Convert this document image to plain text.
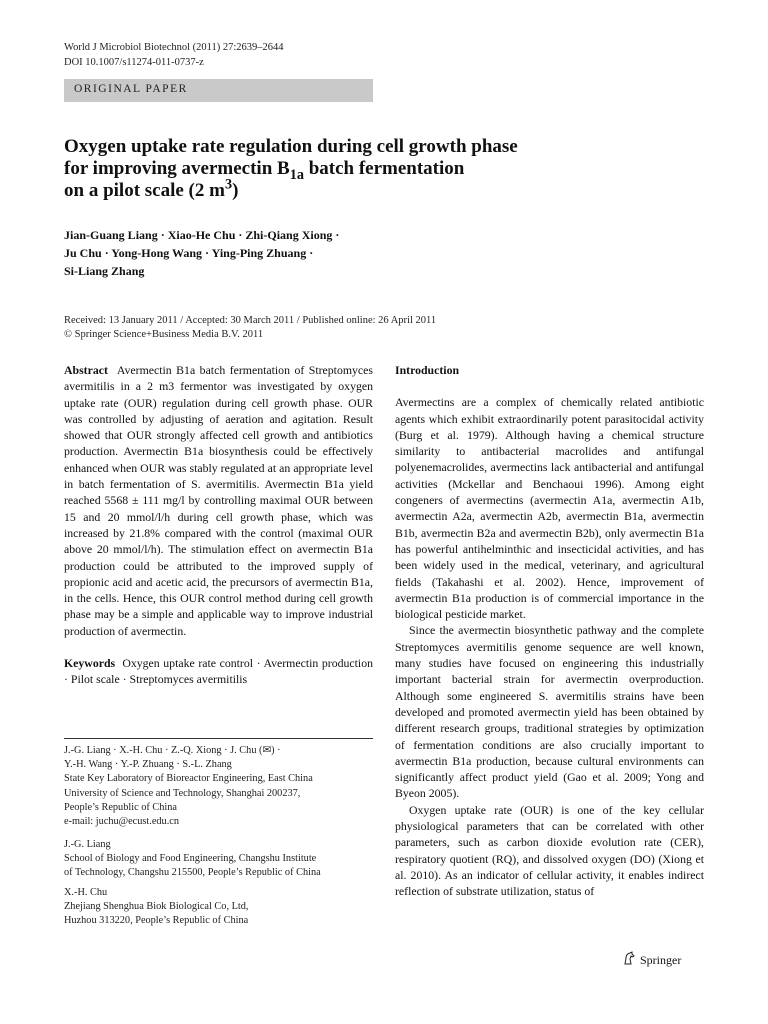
World J Microbiol Biotechnol (2011) 27:2639–2644
DOI 10.1007/s11274-011-0737-z
ORIGINAL PAPER
Oxygen uptake rate regulation during cell growth phase
for improving avermectin $B_{1a}$ batch fermentation
on a pilot scale (2 $m^3$)
Jian-Guang Liang · Xiao-He Chu · Zhi-Qiang Xiong ·
Ju Chu · Yong-Hong Wang · Ying-Ping Zhuang ·
Si-Liang Zhang
Received: 13 January 2011 / Accepted: 30 March 2011 / Published online: 26 April 2011
© Springer Science+Business Media B.V. 2011

Abstract Avermectin B1a batch fermentation of Streptomyces avermitilis in a 2 m3 fermentor was investigated by oxygen uptake rate (OUR) regulation during cell growth phase. OUR was controlled by adjusting of aeration and agitation. Result showed that OUR strongly affected cell growth and antibiotics production. Avermectin B1a biosynthesis could be effectively enhanced when OUR was stably regulated at an appropriate level in batch fermentation of S. avermitilis. Avermectin B1a yield reached 5568 ± 111 mg/l by controlling maximal OUR between 15 and 20 mmol/l/h during cell growth phase, which was increased by 21.8% compared with the control (maximal OUR above 20 mmol/l/h). The stimulation effect on avermectin B1a production could be attributed to the improved supply of propionic acid and acetic acid, the precursors of avermectin B1a, in the cells. Hence, this OUR control method during cell growth phase may be a simple and applicable way to improve industrial production of avermectin.

Keywords Oxygen uptake rate control · Avermectin production · Pilot scale · Streptomyces avermitilis

J.-G. Liang · X.-H. Chu · Z.-Q. Xiong · J. Chu (✉) ·
Y.-H. Wang · Y.-P. Zhuang · S.-L. Zhang
State Key Laboratory of Bioreactor Engineering, East China
University of Science and Technology, Shanghai 200237,
People’s Republic of China
e-mail: juchu@ecust.edu.cn
J.-G. Liang
School of Biology and Food Engineering, Changshu Institute
of Technology, Changshu 215500, People’s Republic of China
X.-H. Chu
Zhejiang Shenghua Biok Biological Co, Ltd,
Huzhou 313220, People’s Republic of China

Introduction

Avermectins are a complex of chemically related antibiotic agents which exhibit extraordinarily potent parasitocidal activity (Burg et al. 1979). Although having a chemical structure similarity to antibacterial macrolides and antifungal polyenemacrolides, avermectins lack antibacterial and antifungal activities (Mckellar and Benchaoui 1996). Among eight congeners of avermectins (avermectin A1a, avermectin A1b, avermectin A2a, avermectin A2b, avermectin B1a, avermectin B1b, avermectin B2a and avermectin B2b), only avermectin B1a has powerful antihelminthic and insecticidal activities, and has been widely used in the medical, veterinary, and agricultural fields (Takahashi et al. 2002). Hence, improvement of avermectin B1a production is of commercial importance in the biological pesticide market.

Since the avermectin biosynthetic pathway and the complete Streptomyces avermitilis genome sequence are well known, many studies have focused on engineering this industrially important bacterial strain for avermectin overproduction. Although some engineered S. avermitilis strains have been developed and promoted avermectin yield has been obtained by different research groups, traditional strategies by optimization of fermentation conditions are also crucially important to avermectin B1a production, because cultural environments can significantly affect product yield (Gao et al. 2009; Yong and Byeon 2005).

Oxygen uptake rate (OUR) is one of the key cellular physiological parameters that can be correlated with other parameters, such as carbon dioxide evolution rate (CER), respiratory quotient (RQ), and dissolved oxygen (DO) (Xiong et al. 2010). As an indicator of cellular activity, it enables indirect reflection of substrate utilization, status of

Springer
